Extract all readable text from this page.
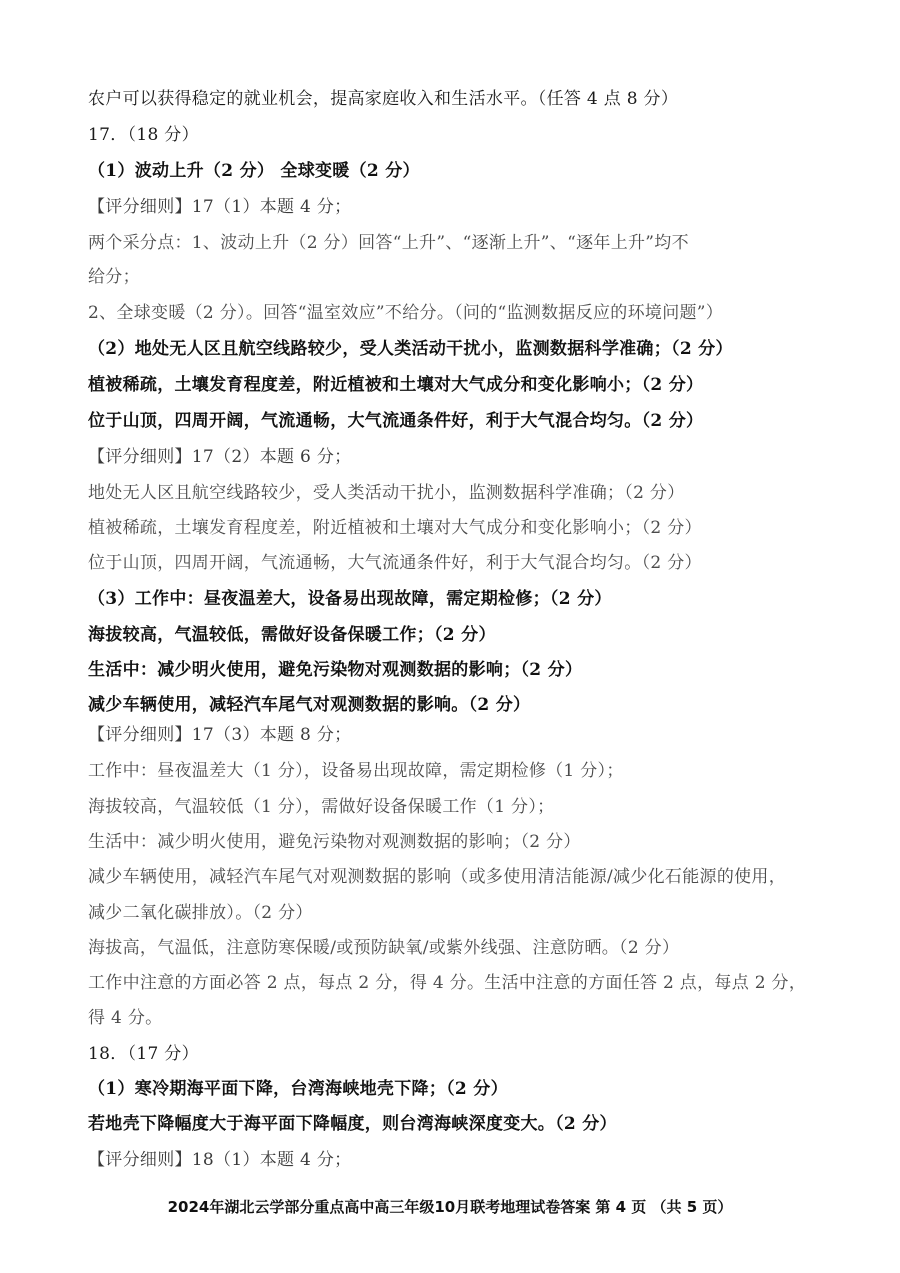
农户可以获得稳定的就业机会，提高家庭收入和生活水平。（任答 4 点 8 分）
17．（18 分）
（1）波动上升（2 分） 全球变暖（2 分）
【评分细则】17（1）本题 4 分；
两个采分点：1、波动上升（2 分）回答“上升”、“逐渐上升”、“逐年上升”均不
给分；
2、全球变暖（2 分）。回答“温室效应”不给分。（问的“监测数据反应的环境问题”）
（2）地处无人区且航空线路较少，受人类活动干扰小，监测数据科学准确；（2 分）
植被稀疏，土壤发育程度差，附近植被和土壤对大气成分和变化影响小；（2 分）
位于山顶，四周开阔，气流通畅，大气流通条件好，利于大气混合均匀。（2 分）
【评分细则】17（2）本题 6 分；
地处无人区且航空线路较少，受人类活动干扰小，监测数据科学准确；（2 分）
植被稀疏，土壤发育程度差，附近植被和土壤对大气成分和变化影响小；（2 分）
位于山顶，四周开阔，气流通畅，大气流通条件好，利于大气混合均匀。（2 分）
（3）工作中：昼夜温差大，设备易出现故障，需定期检修；（2 分）
海拔较高，气温较低，需做好设备保暖工作；（2 分）
生活中：减少明火使用，避免污染物对观测数据的影响；（2 分）
减少车辆使用，减轻汽车尾气对观测数据的影响。（2 分）
【评分细则】17（3）本题 8 分；
工作中：昼夜温差大（1 分），设备易出现故障，需定期检修（1 分）；
海拔较高，气温较低（1 分），需做好设备保暖工作（1 分）；
生活中：减少明火使用，避免污染物对观测数据的影响；（2 分）
减少车辆使用，减轻汽车尾气对观测数据的影响（或多使用清洁能源/减少化石能源的使用，
减少二氧化碳排放）。（2 分）
海拔高，气温低，注意防寒保暖/或预防缺氧/或紫外线强、注意防晒。（2 分）
工作中注意的方面必答 2 点，每点 2 分，得 4 分。生活中注意的方面任答 2 点，每点 2 分，
得 4 分。
18．（17 分）
（1）寒冷期海平面下降，台湾海峡地壳下降；（2 分）
若地壳下降幅度大于海平面下降幅度，则台湾海峡深度变大。（2 分）
【评分细则】18（1）本题 4 分；
2024年湖北云学部分重点高中高三年级10月联考地理试卷答案 第 4 页 （共 5 页）
